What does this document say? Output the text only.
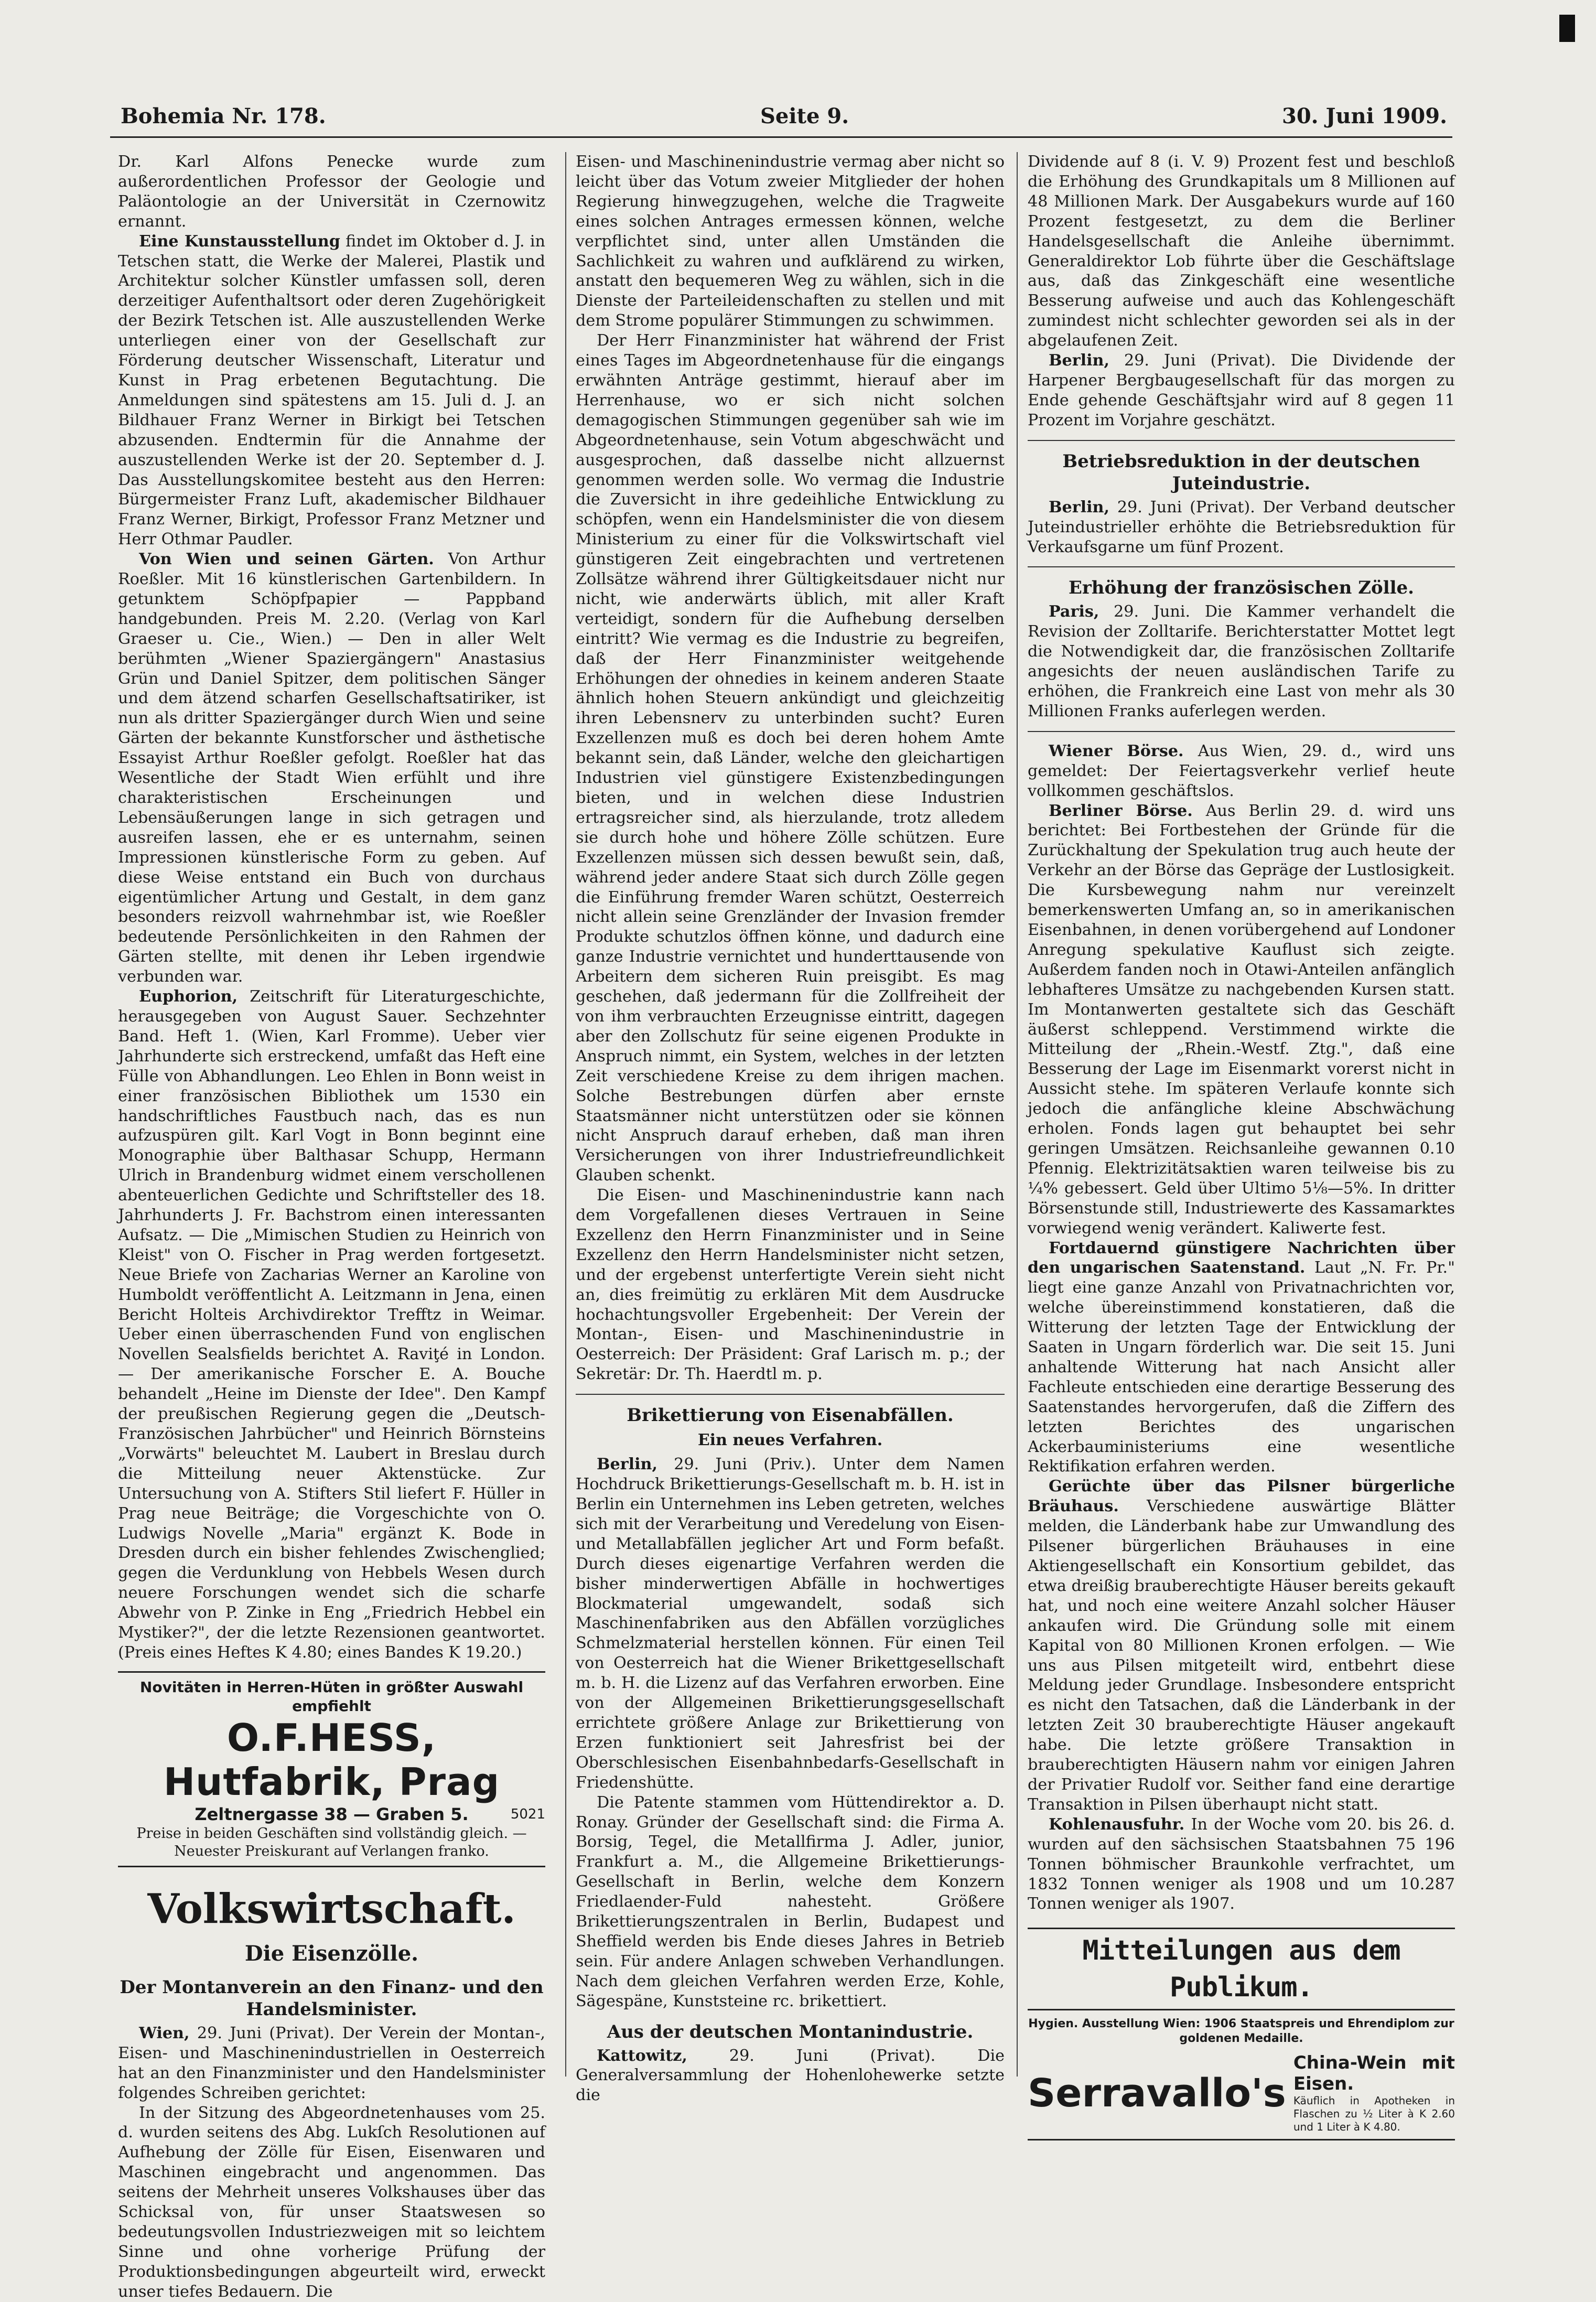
Bohemia Nr. 178.	Seite 9.	30. Juni 1909.

Dr. Karl Alfons Penecke wurde zum außerordentlichen Professor der Geologie und Paläontologie an der Universität in Czernowitz ernannt.

Eine Kunstausstellung findet im Oktober d. J. in Tetschen statt, die Werke der Malerei, Plastik und Architektur solcher Künstler umfassen soll, deren derzeitiger Aufenthaltsort oder deren Zugehörigkeit der Bezirk Tetschen ist. Alle auszustellenden Werke unterliegen einer von der Gesellschaft zur Förderung deutscher Wissenschaft, Literatur und Kunst in Prag erbetenen Begutachtung. Die Anmeldungen sind spätestens am 15. Juli d. J. an Bildhauer Franz Werner in Birkigt bei Tetschen abzusenden. Endtermin für die Annahme der auszustellenden Werke ist der 20. September d. J. Das Ausstellungskomitee besteht aus den Herren: Bürgermeister Franz Luft, akademischer Bildhauer Franz Werner, Birkigt, Professor Franz Metzner und Herr Othmar Paudler.

Von Wien und seinen Gärten. Von Arthur Roeßler. Mit 16 künstlerischen Gartenbildern. In getunktem Schöpfpapier — Pappband handgebunden. Preis M. 2.20. (Verlag von Karl Graeser u. Cie., Wien.) — Den in aller Welt berühmten „Wiener Spaziergängern" Anastasius Grün und Daniel Spitzer, dem politischen Sänger und dem ätzend scharfen Gesellschaftsatiriker, ist nun als dritter Spaziergänger durch Wien und seine Gärten der bekannte Kunstforscher und ästhetische Essayist Arthur Roeßler gefolgt. Roeßler hat das Wesentliche der Stadt Wien erfühlt und ihre charakteristischen Erscheinungen und Lebensäußerungen lange in sich getragen und ausreifen lassen, ehe er es unternahm, seinen Impressionen künstlerische Form zu geben. Auf diese Weise entstand ein Buch von durchaus eigentümlicher Artung und Gestalt, in dem ganz besonders reizvoll wahrnehmbar ist, wie Roeßler bedeutende Persönlichkeiten in den Rahmen der Gärten stellte, mit denen ihr Leben irgendwie verbunden war.

Euphorion, Zeitschrift für Literaturgeschichte, herausgegeben von August Sauer. Sechzehnter Band. Heft 1. (Wien, Karl Fromme). Ueber vier Jahrhunderte sich erstreckend, umfaßt das Heft eine Fülle von Abhandlungen. Leo Ehlen in Bonn weist in einer französischen Bibliothek um 1530 ein handschriftliches Faustbuch nach, das es nun aufzuspüren gilt. Karl Vogt in Bonn beginnt eine Monographie über Balthasar Schupp, Hermann Ulrich in Brandenburg widmet einem verschollenen abenteuerlichen Gedichte und Schriftsteller des 18. Jahrhunderts J. Fr. Bachstrom einen interessanten Aufsatz. — Die „Mimischen Studien zu Heinrich von Kleist" von O. Fischer in Prag werden fortgesetzt. Neue Briefe von Zacharias Werner an Karoline von Humboldt veröffentlicht A. Leitzmann in Jena, einen Bericht Holteis Archivdirektor Trefftz in Weimar. Ueber einen überraschenden Fund von englischen Novellen Sealsfields berichtet A. Raviţé in London. — Der amerikanische Forscher E. A. Bouche behandelt „Heine im Dienste der Idee". Den Kampf der preußischen Regierung gegen die „Deutsch-Französischen Jahrbücher" und Heinrich Börnsteins „Vorwärts" beleuchtet M. Laubert in Breslau durch die Mitteilung neuer Aktenstücke. Zur Untersuchung von A. Stifters Stil liefert F. Hüller in Prag neue Beiträge; die Vorgeschichte von O. Ludwigs Novelle „Maria" ergänzt K. Bode in Dresden durch ein bisher fehlendes Zwischenglied; gegen die Verdunklung von Hebbels Wesen durch neuere Forschungen wendet sich die scharfe Abwehr von P. Zinke in Eng „Friedrich Hebbel ein Mystiker?", der die letzte Rezensionen geantwortet. (Preis eines Heftes K 4.80; eines Bandes K 19.20.)

Novitäten in Herren-Hüten in größter Auswahl empfiehlt
O.F.HESS, Hutfabrik, Prag
Zeltnergasse 38 — Graben 5.	5021
Preise in beiden Geschäften sind vollständig gleich. — Neuester Preiskurant auf Verlangen franko.
Volkswirtschaft.
Die Eisenzölle.
Der Montanverein an den Finanz- und den Handelsminister.

Wien, 29. Juni (Privat). Der Verein der Montan-, Eisen- und Maschinenindustriellen in Oesterreich hat an den Finanzminister und den Handelsminister folgendes Schreiben gerichtet:

In der Sitzung des Abgeordnetenhauses vom 25. d. wurden seitens des Abg. Lukſch Resolutionen auf Aufhebung der Zölle für Eisen, Eisenwaren und Maschinen eingebracht und angenommen. Das seitens der Mehrheit unseres Volkshauses über das Schicksal von, für unser Staatswesen so bedeutungsvollen Industriezweigen mit so leichtem Sinne und ohne vorherige Prüfung der Produktionsbedingungen abgeurteilt wird, erweckt unser tiefes Bedauern. Die

Eisen- und Maschinenindustrie vermag aber nicht so leicht über das Votum zweier Mitglieder der hohen Regierung hinwegzugehen, welche die Tragweite eines solchen Antrages ermessen können, welche verpflichtet sind, unter allen Umständen die Sachlichkeit zu wahren und aufklärend zu wirken, anstatt den bequemeren Weg zu wählen, sich in die Dienste der Parteileidenschaften zu stellen und mit dem Strome populärer Stimmungen zu schwimmen.

Der Herr Finanzminister hat während der Frist eines Tages im Abgeordnetenhause für die eingangs erwähnten Anträge gestimmt, hierauf aber im Herrenhause, wo er sich nicht solchen demagogischen Stimmungen gegenüber sah wie im Abgeordnetenhause, sein Votum abgeschwächt und ausgesprochen, daß dasselbe nicht allzuernst genommen werden solle. Wo vermag die Industrie die Zuversicht in ihre gedeihliche Entwicklung zu schöpfen, wenn ein Handelsminister die von diesem Ministerium zu einer für die Volkswirtschaft viel günstigeren Zeit eingebrachten und vertretenen Zollsätze während ihrer Gültigkeitsdauer nicht nur nicht, wie anderwärts üblich, mit aller Kraft verteidigt, sondern für die Aufhebung derselben eintritt? Wie vermag es die Industrie zu begreifen, daß der Herr Finanzminister weitgehende Erhöhungen der ohnedies in keinem anderen Staate ähnlich hohen Steuern ankündigt und gleichzeitig ihren Lebensnerv zu unterbinden sucht? Euren Exzellenzen muß es doch bei deren hohem Amte bekannt sein, daß Länder, welche den gleichartigen Industrien viel günstigere Existenzbedingungen bieten, und in welchen diese Industrien ertragsreicher sind, als hierzulande, trotz alledem sie durch hohe und höhere Zölle schützen. Eure Exzellenzen müssen sich dessen bewußt sein, daß, während jeder andere Staat sich durch Zölle gegen die Einführung fremder Waren schützt, Oesterreich nicht allein seine Grenzländer der Invasion fremder Produkte schutzlos öffnen könne, und dadurch eine ganze Industrie vernichtet und hunderttausende von Arbeitern dem sicheren Ruin preisgibt. Es mag geschehen, daß jedermann für die Zollfreiheit der von ihm verbrauchten Erzeugnisse eintritt, dagegen aber den Zollschutz für seine eigenen Produkte in Anspruch nimmt, ein System, welches in der letzten Zeit verschiedene Kreise zu dem ihrigen machen. Solche Bestrebungen dürfen aber ernste Staatsmänner nicht unterstützen oder sie können nicht Anspruch darauf erheben, daß man ihren Versicherungen von ihrer Industriefreundlichkeit Glauben schenkt.

Die Eisen- und Maschinenindustrie kann nach dem Vorgefallenen dieses Vertrauen in Seine Exzellenz den Herrn Finanzminister und in Seine Exzellenz den Herrn Handelsminister nicht setzen, und der ergebenst unterfertigte Verein sieht nicht an, dies freimütig zu erklären Mit dem Ausdrucke hochachtungsvoller Ergebenheit: Der Verein der Montan-, Eisen- und Maschinenindustrie in Oesterreich: Der Präsident: Graf Larisch m. p.; der Sekretär: Dr. Th. Haerdtl m. p.

Brikettierung von Eisenabfällen.
Ein neues Verfahren.

Berlin, 29. Juni (Priv.). Unter dem Namen Hochdruck Brikettierungs-Gesellschaft m. b. H. ist in Berlin ein Unternehmen ins Leben getreten, welches sich mit der Verarbeitung und Veredelung von Eisen- und Metallabfällen jeglicher Art und Form befaßt. Durch dieses eigenartige Verfahren werden die bisher minderwertigen Abfälle in hochwertiges Blockmaterial umgewandelt, sodaß sich Maschinenfabriken aus den Abfällen vorzügliches Schmelzmaterial herstellen können. Für einen Teil von Oesterreich hat die Wiener Brikettgesellschaft m. b. H. die Lizenz auf das Verfahren erworben. Eine von der Allgemeinen Brikettierungsgesellschaft errichtete größere Anlage zur Brikettierung von Erzen funktioniert seit Jahresfrist bei der Oberschlesischen Eisenbahnbedarfs-Gesellschaft in Friedenshütte.

Die Patente stammen vom Hüttendirektor a. D. Ronay. Gründer der Gesellschaft sind: die Firma A. Borsig, Tegel, die Metallfirma J. Adler, junior, Frankfurt a. M., die Allgemeine Brikettierungs-Gesellschaft in Berlin, welche dem Konzern Friedlaender-Fuld nahesteht. Größere Brikettierungszentralen in Berlin, Budapest und Sheffield werden bis Ende dieses Jahres in Betrieb sein. Für andere Anlagen schweben Verhandlungen. Nach dem gleichen Verfahren werden Erze, Kohle, Sägespäne, Kunststeine rc. brikettiert.

Aus der deutschen Montanindustrie.

Kattowitz,	29. Juni (Privat). Die Generalversammlung der Hohenlohewerke setzte die

Dividende auf 8 (i. V. 9) Prozent fest und beschloß die Erhöhung des Grundkapitals um 8 Millionen auf 48 Millionen Mark. Der Ausgabekurs wurde auf 160 Prozent festgesetzt, zu dem die Berliner Handelsgesellschaft die Anleihe übernimmt. Generaldirektor Lob führte über die Geschäftslage aus, daß das Zinkgeschäft eine wesentliche Besserung aufweise und auch das Kohlengeschäft zumindest nicht schlechter geworden sei als in der abgelaufenen Zeit.

Berlin, 29. Juni (Privat). Die Dividende der Harpener Bergbaugesellschaft für das morgen zu Ende gehende Geschäftsjahr wird auf 8 gegen 11 Prozent im Vorjahre geschätzt.

Betriebsreduktion in der deutschen Juteindustrie.

Berlin, 29. Juni (Privat). Der Verband deutscher Juteindustrieller erhöhte die Betriebsreduktion für Verkaufsgarne um fünf Prozent.

Erhöhung der französischen Zölle.

Paris, 29. Juni. Die Kammer verhandelt die Revision der Zolltarife. Berichterstatter Mottet legt die Notwendigkeit dar, die französischen Zolltarife angesichts der neuen ausländischen Tarife zu erhöhen, die Frankreich eine Last von mehr als 30 Millionen Franks auferlegen werden.

Wiener Börse. Aus Wien, 29. d., wird uns gemeldet: Der Feiertagsverkehr verlief heute vollkommen geschäftslos.

Berliner Börse. Aus Berlin 29. d. wird uns berichtet: Bei Fortbestehen der Gründe für die Zurückhaltung der Spekulation trug auch heute der Verkehr an der Börse das Gepräge der Lustlosigkeit. Die Kursbewegung nahm nur vereinzelt bemerkenswerten Umfang an, so in amerikanischen Eisenbahnen, in denen vorübergehend auf Londoner Anregung spekulative Kauflust sich zeigte. Außerdem fanden noch in Otawi-Anteilen anfänglich lebhafteres Umsätze zu nachgebenden Kursen statt. Im Montanwerten gestaltete sich das Geschäft äußerst schleppend. Verstimmend wirkte die Mitteilung der „Rhein.-Westf. Ztg.", daß eine Besserung der Lage im Eisenmarkt vorerst nicht in Aussicht stehe. Im späteren Verlaufe konnte sich jedoch die anfängliche kleine Abschwächung erholen. Fonds lagen gut behauptet bei sehr geringen Umsätzen. Reichsanleihe gewannen 0.10 Pfennig. Elektrizitätsaktien waren teilweise bis zu ¼% gebessert. Geld über Ultimo 5⅛—5%. In dritter Börsenstunde still, Industriewerte des Kassamarktes vorwiegend wenig verändert. Kaliwerte fest.

Fortdauernd günstigere Nachrichten über den ungarischen Saatenstand. Laut „N. Fr. Pr." liegt eine ganze Anzahl von Privatnachrichten vor, welche übereinstimmend konstatieren, daß die Witterung der letzten Tage der Entwicklung der Saaten in Ungarn förderlich war. Die seit 15. Juni anhaltende Witterung hat nach Ansicht aller Fachleute entschieden eine derartige Besserung des Saatenstandes hervorgerufen, daß die Ziffern des letzten Berichtes des ungarischen Ackerbauministeriums eine wesentliche Rektifikation erfahren werden.

Gerüchte über das Pilsner bürgerliche Bräuhaus. Verschiedene auswärtige Blätter melden, die Länderbank habe zur Umwandlung des Pilsener bürgerlichen Bräuhauses in eine Aktiengesellschaft ein Konsortium gebildet, das etwa dreißig brauberechtigte Häuser bereits gekauft hat, und noch eine weitere Anzahl solcher Häuser ankaufen wird. Die Gründung solle mit einem Kapital von 80 Millionen Kronen erfolgen. — Wie uns aus Pilsen mitgeteilt wird, entbehrt diese Meldung jeder Grundlage. Insbesondere entspricht es nicht den Tatsachen, daß die Länderbank in der letzten Zeit 30 brauberechtigte Häuser angekauft habe. Die letzte größere Transaktion in brauberechtigten Häusern nahm vor einigen Jahren der Privatier Rudolf vor. Seither fand eine derartige Transaktion in Pilsen überhaupt nicht statt.

Kohlenausfuhr. In der Woche vom 20. bis 26. d. wurden auf den sächsischen Staatsbahnen 75 196 Tonnen böhmischer Braunkohle verfrachtet, um 1832 Tonnen weniger als 1908 und um 10.287 Tonnen weniger als 1907.

Mitteilungen aus dem Publikum.
Hygien. Ausstellung Wien: 1906 Staatspreis und Ehrendiplom zur goldenen Medaille.
Serravallo's
China-Wein mit Eisen.
Käuflich in Apotheken in Flaschen zu ½ Liter à K 2.60 und 1 Liter à K 4.80.
